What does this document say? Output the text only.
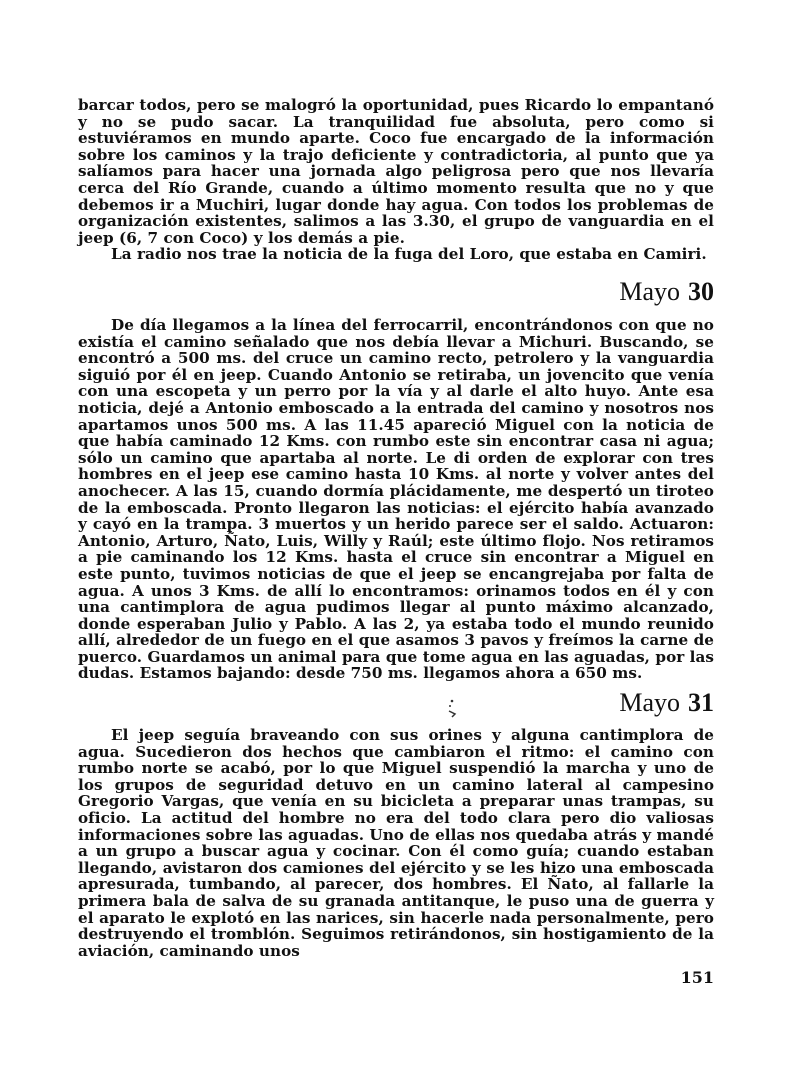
barcar todos, pero se malogró la oportunidad, pues Ricardo lo empantanó y no se pudo sacar. La tranquilidad fue absoluta, pero como si estuviéramos en mundo aparte. Coco fue encargado de la información sobre los caminos y la trajo deficiente y contradictoria, al punto que ya salíamos para hacer una jornada algo peligrosa pero que nos llevaría cerca del Río Grande, cuando a último momento resulta que no y que debemos ir a Muchiri, lugar donde hay agua. Con todos los problemas de organización existentes, salimos a las 3.30, el grupo de vanguardia en el jeep (6, 7 con Coco) y los demás a pie.

La radio nos trae la noticia de la fuga del Loro, que estaba en Camiri.

Mayo 30

De día llegamos a la línea del ferrocarril, encontrándonos con que no existía el camino señalado que nos debía llevar a Michuri. Buscando, se encontró a 500 ms. del cruce un camino recto, petrolero y la vanguardia siguió por él en jeep. Cuando Antonio se retiraba, un jovencito que venía con una escopeta y un perro por la vía y al darle el alto huyo. Ante esa noticia, dejé a Antonio emboscado a la entrada del camino y nosotros nos apartamos unos 500 ms. A las 11.45 apareció Miguel con la noticia de que había caminado 12 Kms. con rumbo este sin encontrar casa ni agua; sólo un camino que apartaba al norte. Le di orden de explorar con tres hombres en el jeep ese camino hasta 10 Kms. al norte y volver antes del anochecer. A las 15, cuando dormía plácidamente, me despertó un tiroteo de la emboscada. Pronto llegaron las noticias: el ejército había avanzado y cayó en la trampa. 3 muertos y un herido parece ser el saldo. Actuaron: Antonio, Arturo, Ñato, Luis, Willy y Raúl; este último flojo. Nos retiramos a pie caminando los 12 Kms. hasta el cruce sin encontrar a Miguel en este punto, tuvimos noticias de que el jeep se encangrejaba por falta de agua. A unos 3 Kms. de allí lo encontramos: orinamos todos en él y con una cantimplora de agua pudimos llegar al punto máximo alcanzado, donde esperaban Julio y Pablo. A las 2, ya estaba todo el mundo reunido allí, alrededor de un fuego en el que asamos 3 pavos y freímos la carne de puerco. Guardamos un animal para que tome agua en las aguadas, por las dudas. Estamos bajando: desde 750 ms. llegamos ahora a 650 ms.

Mayo 31

El jeep seguía braveando con sus orines y alguna cantimplora de agua. Sucedieron dos hechos que cambiaron el ritmo: el camino con rumbo norte se acabó, por lo que Miguel suspendió la marcha y uno de los grupos de seguridad detuvo en un camino lateral al campesino Gregorio Vargas, que venía en su bicicleta a preparar unas trampas, su oficio. La actitud del hombre no era del todo clara pero dio valiosas informaciones sobre las aguadas. Uno de ellas nos quedaba atrás y mandé a un grupo a buscar agua y cocinar. Con él como guía; cuando estaban llegando, avistaron dos camiones del ejército y se les hizo una emboscada apresurada, tumbando, al parecer, dos hombres. El Ñato, al fallarle la primera bala de salva de su granada antitanque, le puso una de guerra y el aparato le explotó en las narices, sin hacerle nada personalmente, pero destruyendo el tromblón. Seguimos retirándonos, sin hostigamiento de la aviación, caminando unos

151
